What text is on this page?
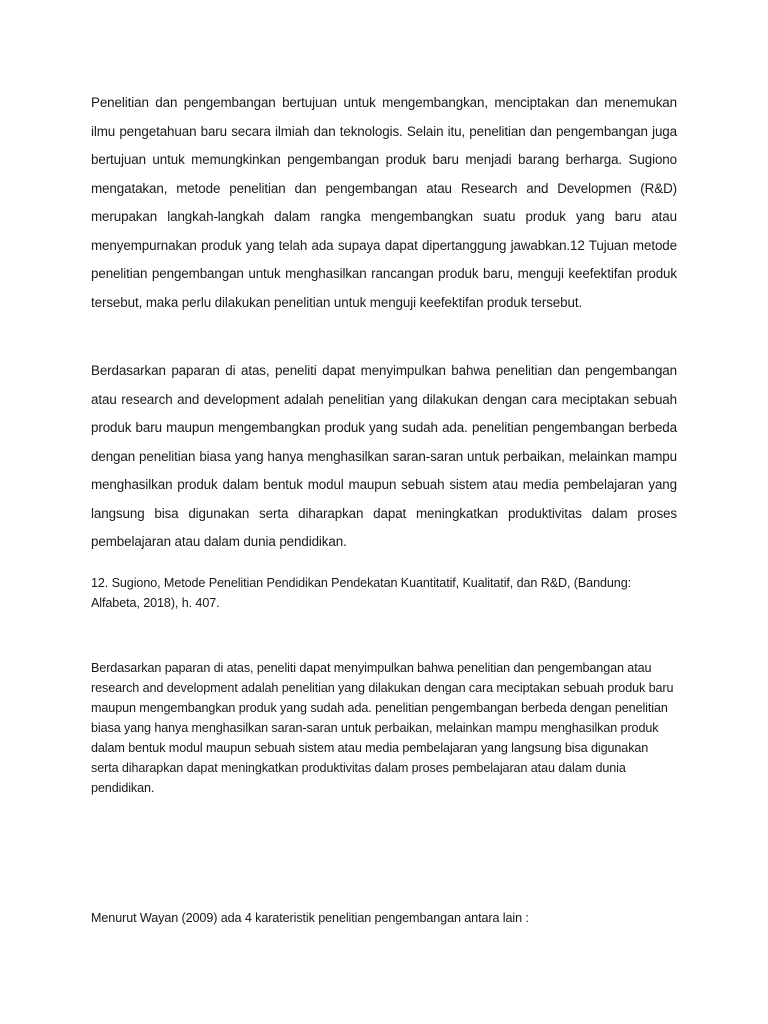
Penelitian dan pengembangan bertujuan untuk mengembangkan, menciptakan dan menemukan ilmu pengetahuan baru secara ilmiah dan teknologis. Selain itu, penelitian dan pengembangan juga bertujuan untuk memungkinkan pengembangan produk baru menjadi barang berharga. Sugiono mengatakan, metode penelitian dan pengembangan atau Research and Developmen (R&D) merupakan langkah-langkah dalam rangka mengembangkan suatu produk yang baru atau menyempurnakan produk yang telah ada supaya dapat dipertanggung jawabkan.12 Tujuan metode penelitian pengembangan untuk menghasilkan rancangan produk baru, menguji keefektifan produk tersebut, maka perlu dilakukan penelitian untuk menguji keefektifan produk tersebut.

Berdasarkan paparan di atas, peneliti dapat menyimpulkan bahwa penelitian dan pengembangan atau research and development adalah penelitian yang dilakukan dengan cara meciptakan sebuah produk baru maupun mengembangkan produk yang sudah ada. penelitian pengembangan berbeda dengan penelitian biasa yang hanya menghasilkan saran-saran untuk perbaikan, melainkan mampu menghasilkan produk dalam bentuk modul maupun sebuah sistem atau media pembelajaran yang langsung bisa digunakan serta diharapkan dapat meningkatkan produktivitas dalam proses pembelajaran atau dalam dunia pendidikan.

12. Sugiono, Metode Penelitian Pendidikan Pendekatan Kuantitatif, Kualitatif, dan R&D, (Bandung: Alfabeta, 2018), h. 407.

Berdasarkan paparan di atas, peneliti dapat menyimpulkan bahwa penelitian dan pengembangan atau research and development adalah penelitian yang dilakukan dengan cara meciptakan sebuah produk baru maupun mengembangkan produk yang sudah ada. penelitian pengembangan berbeda dengan penelitian biasa yang hanya menghasilkan saran-saran untuk perbaikan, melainkan mampu menghasilkan produk dalam bentuk modul maupun sebuah sistem atau media pembelajaran yang langsung bisa digunakan serta diharapkan dapat meningkatkan produktivitas dalam proses pembelajaran atau dalam dunia pendidikan.

Menurut Wayan (2009) ada 4 karateristik penelitian pengembangan antara lain :
